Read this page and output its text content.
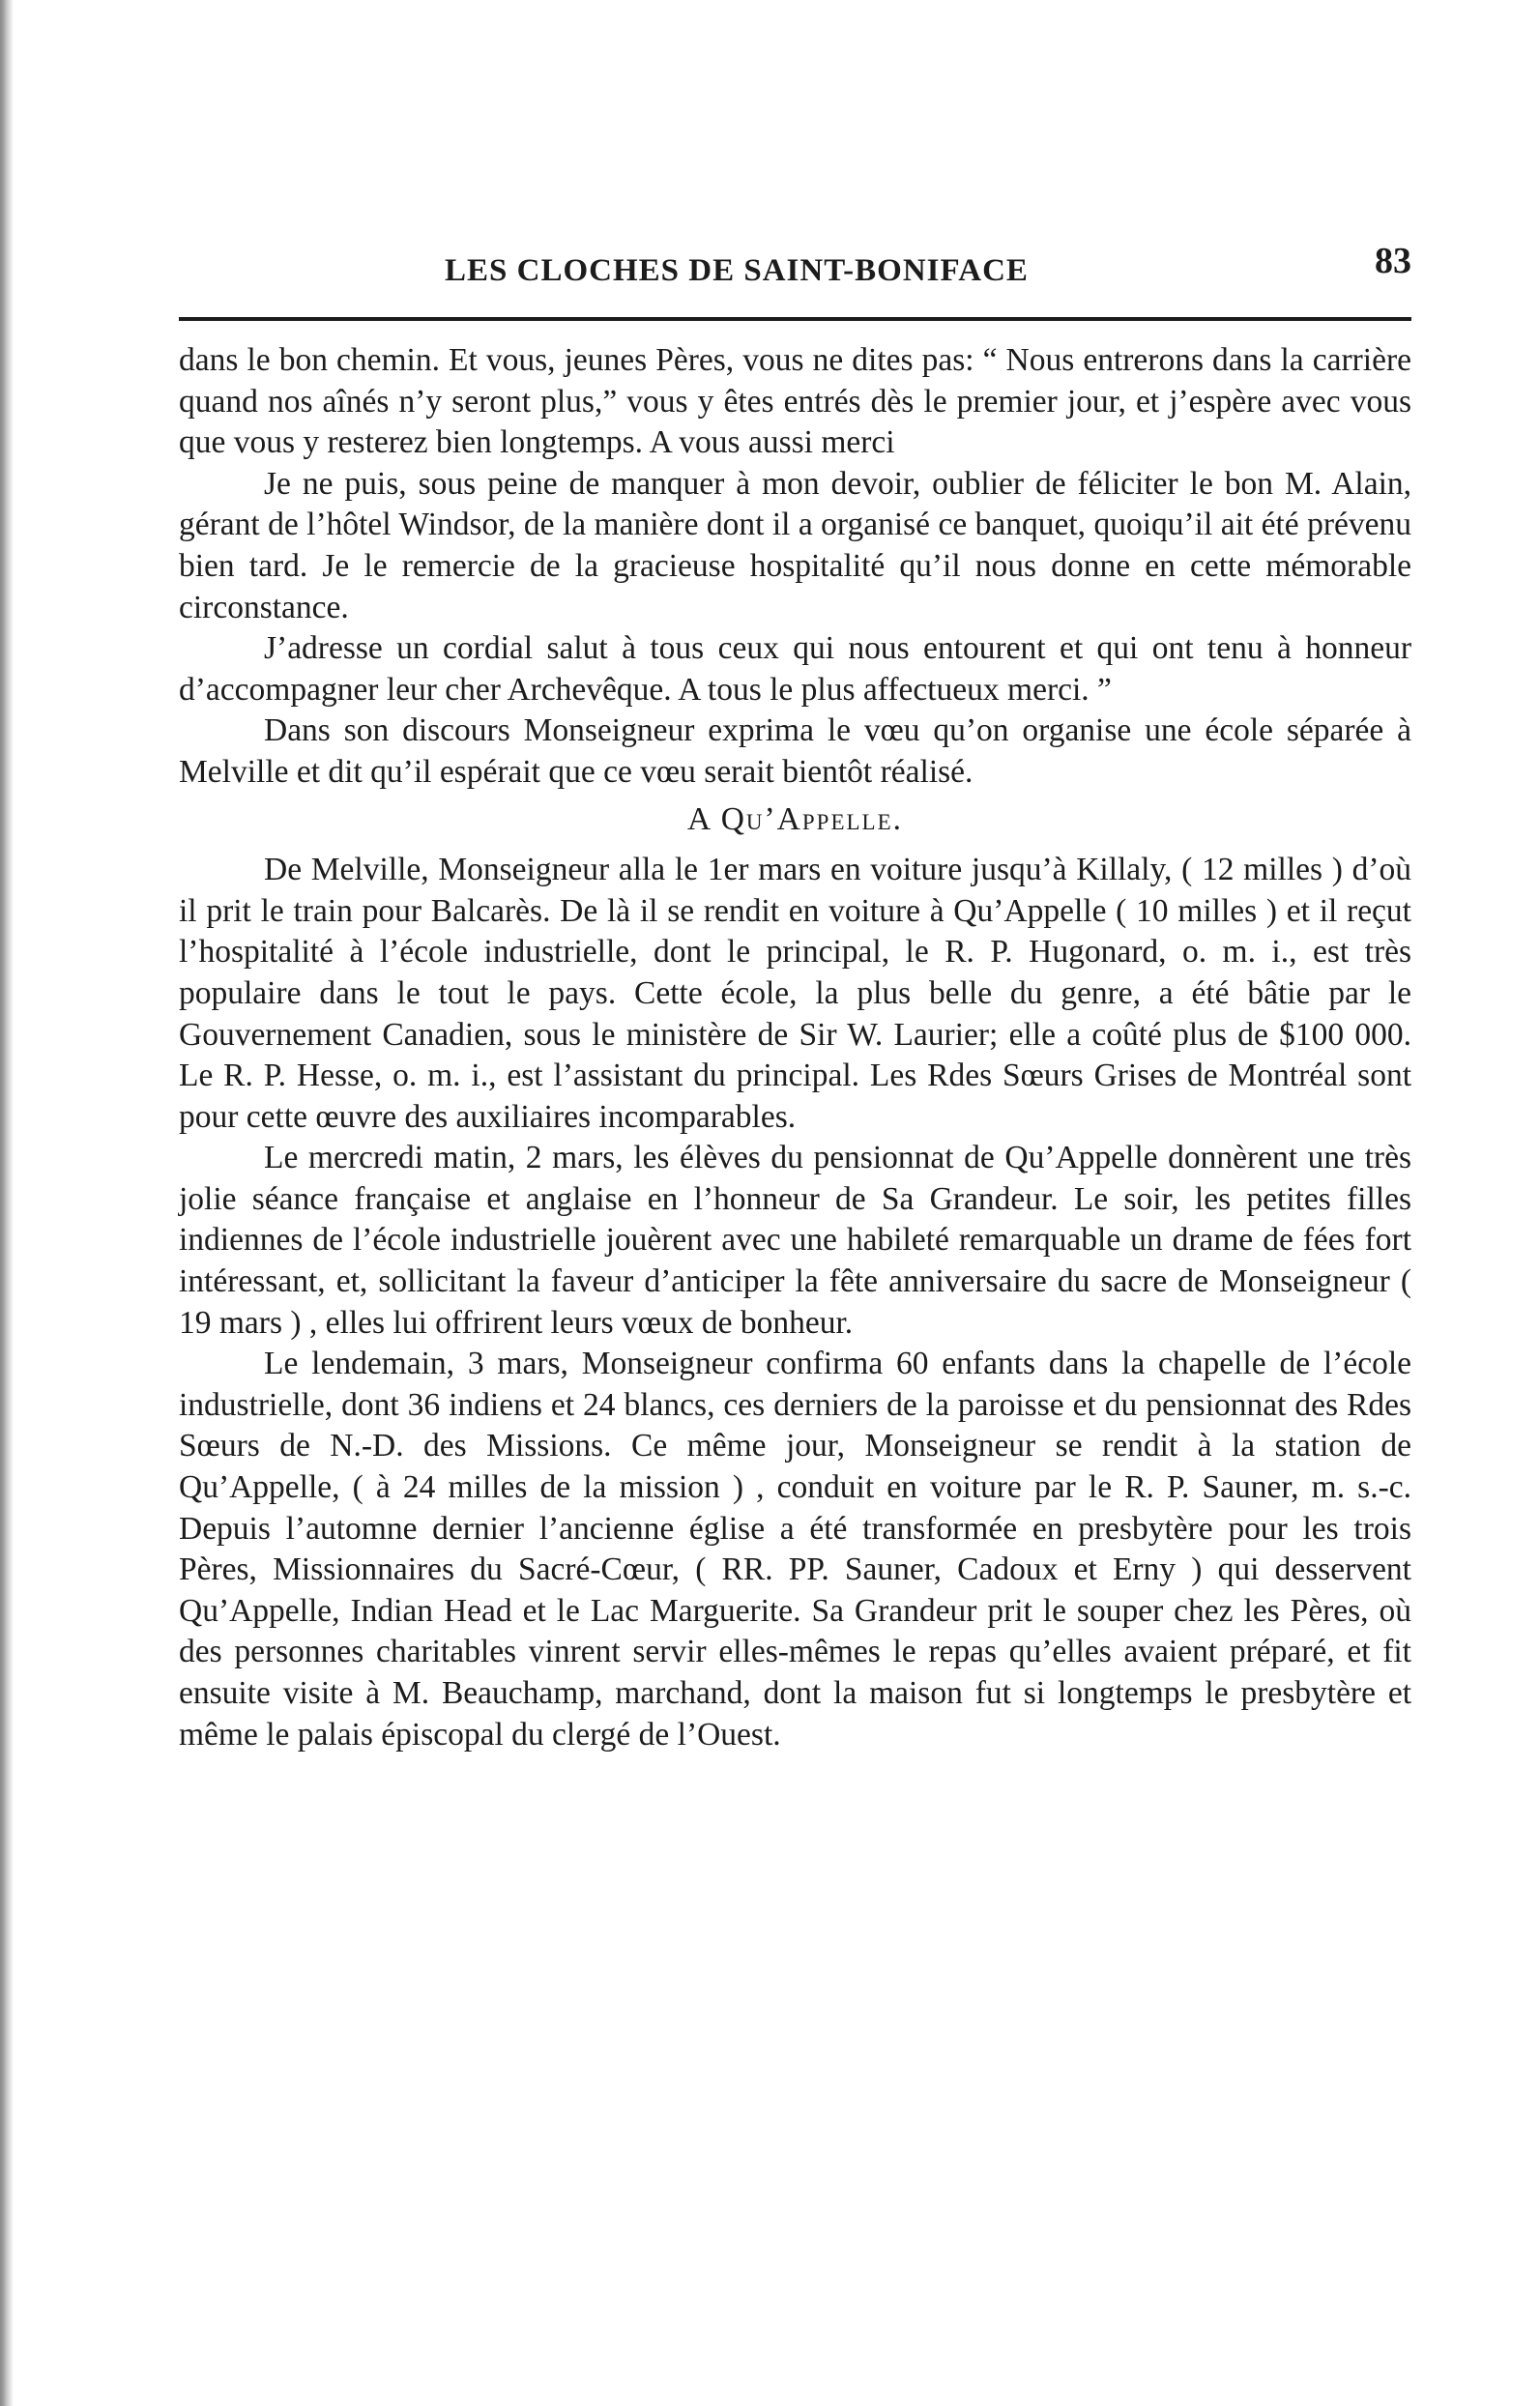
LES CLOCHES DE SAINT-BONIFACE	83

dans le bon chemin. Et vous, jeunes Pères, vous ne dites pas: “ Nous entrerons dans la carrière quand nos aînés n’y seront plus,” vous y êtes entrés dès le premier jour, et j’espère avec vous que vous y resterez bien longtemps. A vous aussi merci

Je ne puis, sous peine de manquer à mon devoir, oublier de féliciter le bon M. Alain, gérant de l’hôtel Windsor, de la manière dont il a organisé ce banquet, quoiqu’il ait été prévenu bien tard. Je le remercie de la gracieuse hospitalité qu’il nous donne en cette mémorable circonstance.

J’adresse un cordial salut à tous ceux qui nous entourent et qui ont tenu à honneur d’accompagner leur cher Archevêque. A tous le plus affectueux merci. ”

Dans son discours Monseigneur exprima le vœu qu’on organise une école séparée à Melville et dit qu’il espérait que ce vœu serait bientôt réalisé.

A Qu’Appelle.

De Melville, Monseigneur alla le 1er mars en voiture jusqu’à Killaly, ( 12 milles ) d’où il prit le train pour Balcarès. De là il se rendit en voiture à Qu’Appelle ( 10 milles ) et il reçut l’hospitalité à l’école industrielle, dont le principal, le R. P. Hugonard, o. m. i., est très populaire dans le tout le pays. Cette école, la plus belle du genre, a été bâtie par le Gouvernement Canadien, sous le ministère de Sir W. Laurier; elle a coûté plus de $100 000. Le R. P. Hesse, o. m. i., est l’assistant du principal. Les Rdes Sœurs Grises de Montréal sont pour cette œuvre des auxiliaires incomparables.

Le mercredi matin, 2 mars, les élèves du pensionnat de Qu’Appelle donnèrent une très jolie séance française et anglaise en l’honneur de Sa Grandeur. Le soir, les petites filles indiennes de l’école industrielle jouèrent avec une habileté remarquable un drame de fées fort intéressant, et, sollicitant la faveur d’anticiper la fête anniversaire du sacre de Monseigneur ( 19 mars ) , elles lui offrirent leurs vœux de bonheur.

Le lendemain, 3 mars, Monseigneur confirma 60 enfants dans la chapelle de l’école industrielle, dont 36 indiens et 24 blancs, ces derniers de la paroisse et du pensionnat des Rdes Sœurs de N.-D. des Missions. Ce même jour, Monseigneur se rendit à la station de Qu’Appelle, ( à 24 milles de la mission ) , conduit en voiture par le R. P. Sauner, m. s.-c. Depuis l’automne dernier l’ancienne église a été transformée en presbytère pour les trois Pères, Missionnaires du Sacré-Cœur, ( RR. PP. Sauner, Cadoux et Erny ) qui desservent Qu’Appelle, Indian Head et le Lac Marguerite. Sa Grandeur prit le souper chez les Pères, où des personnes charitables vinrent servir elles-mêmes le repas qu’elles avaient préparé, et fit ensuite visite à M. Beauchamp, marchand, dont la maison fut si longtemps le presbytère et même le palais épiscopal du clergé de l’Ouest.
